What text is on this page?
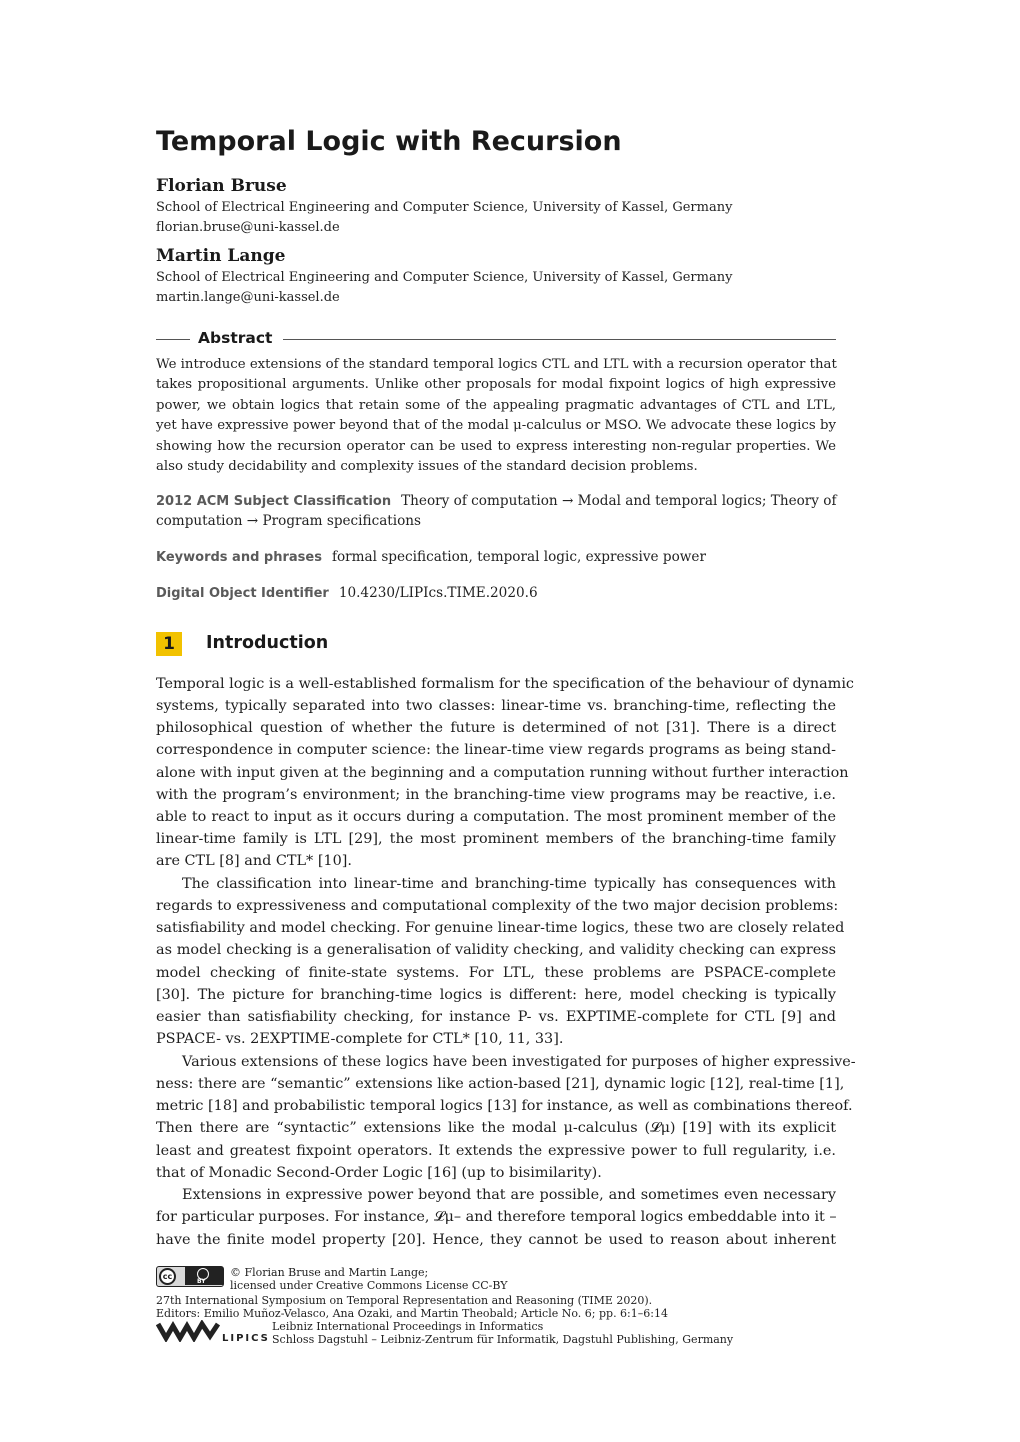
Temporal Logic with Recursion
Florian Bruse
School of Electrical Engineering and Computer Science, University of Kassel, Germany
florian.bruse@uni-kassel.de
Martin Lange
School of Electrical Engineering and Computer Science, University of Kassel, Germany
martin.lange@uni-kassel.de
Abstract
We introduce extensions of the standard temporal logics CTL and LTL with a recursion operator that
takes propositional arguments. Unlike other proposals for modal fixpoint logics of high expressive
power, we obtain logics that retain some of the appealing pragmatic advantages of CTL and LTL,
yet have expressive power beyond that of the modal μ-calculus or MSO. We advocate these logics by
showing how the recursion operator can be used to express interesting non-regular properties. We
also study decidability and complexity issues of the standard decision problems.
2012 ACM Subject Classification Theory of computation → Modal and temporal logics; Theory of
computation → Program specifications
Keywords and phrases formal specification, temporal logic, expressive power
Digital Object Identifier 10.4230/LIPIcs.TIME.2020.6
1	Introduction
Temporal logic is a well-established formalism for the specification of the behaviour of dynamic
systems, typically separated into two classes: linear-time vs. branching-time, reflecting the
philosophical question of whether the future is determined of not [31]. There is a direct
correspondence in computer science: the linear-time view regards programs as being stand-
alone with input given at the beginning and a computation running without further interaction
with the program’s environment; in the branching-time view programs may be reactive, i.e.
able to react to input as it occurs during a computation. The most prominent member of the
linear-time family is LTL [29], the most prominent members of the branching-time family
are CTL [8] and CTL* [10].
The classification into linear-time and branching-time typically has consequences with
regards to expressiveness and computational complexity of the two major decision problems:
satisfiability and model checking. For genuine linear-time logics, these two are closely related
as model checking is a generalisation of validity checking, and validity checking can express
model checking of finite-state systems. For LTL, these problems are PSPACE-complete
[30]. The picture for branching-time logics is different: here, model checking is typically
easier than satisfiability checking, for instance P- vs. EXPTIME-complete for CTL [9] and
PSPACE- vs. 2EXPTIME-complete for CTL* [10, 11, 33].
Various extensions of these logics have been investigated for purposes of higher expressive-
ness: there are “semantic” extensions like action-based [21], dynamic logic [12], real-time [1],
metric [18] and probabilistic temporal logics [13] for instance, as well as combinations thereof.
Then there are “syntactic” extensions like the modal μ-calculus (𝓛μ) [19] with its explicit
least and greatest fixpoint operators. It extends the expressive power to full regularity, i.e.
that of Monadic Second-Order Logic [16] (up to bisimilarity).
Extensions in expressive power beyond that are possible, and sometimes even necessary
for particular purposes. For instance, 𝓛μ– and therefore temporal logics embeddable into it –
have the finite model property [20]. Hence, they cannot be used to reason about inherent
cc
BY
© Florian Bruse and Martin Lange;
licensed under Creative Commons License CC-BY
27th International Symposium on Temporal Representation and Reasoning (TIME 2020).
Editors: Emilio Muñoz-Velasco, Ana Ozaki, and Martin Theobald; Article No. 6; pp. 6:1–6:14
LIPICS
Leibniz International Proceedings in Informatics
Schloss Dagstuhl – Leibniz-Zentrum für Informatik, Dagstuhl Publishing, Germany
